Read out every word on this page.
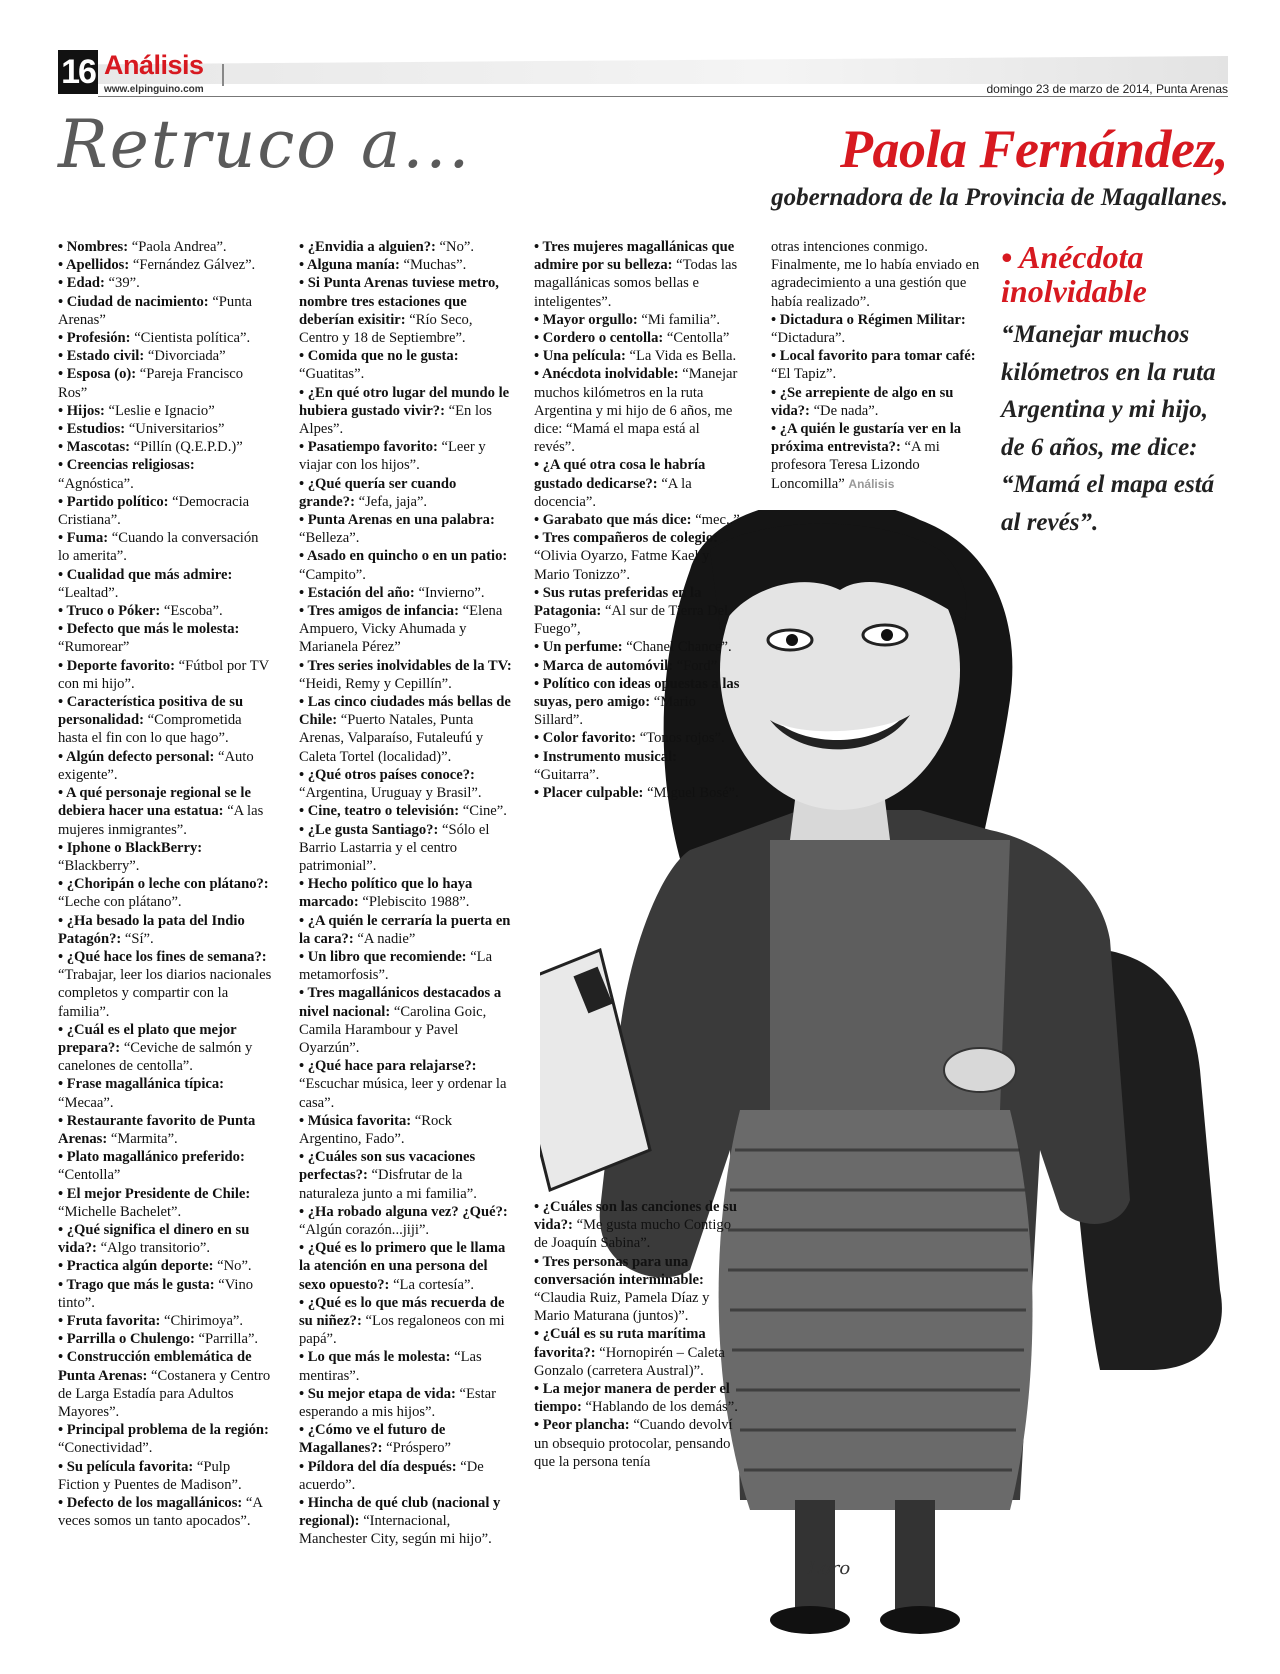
16 Análisis
www.elpinguino.com	domingo 23 de marzo de 2014, Punta Arenas
Retruco a...	Paola Fernández,
gobernadora de la Provincia de Magallanes.
Loro

• Nombres: “Paola Andrea”.

• Apellidos: “Fernández Gálvez”.

• Edad: “39”.

• Ciudad de nacimiento: “Punta Arenas”

• Profesión: “Cientista política”.

• Estado civil: “Divorciada”

• Esposa (o): “Pareja Francisco Ros”

• Hijos: “Leslie e Ignacio”

• Estudios: “Universitarios”

• Mascotas: “Pillín (Q.E.P.D.)”

• Creencias religiosas: “Agnóstica”.

• Partido político: “Democracia Cristiana”.

• Fuma: “Cuando la conversación lo amerita”.

• Cualidad que más admire: “Lealtad”.

• Truco o Póker: “Escoba”.

• Defecto que más le molesta: “Rumorear”

• Deporte favorito: “Fútbol por TV con mi hijo”.

• Característica positiva de su personalidad: “Comprometida hasta el fin con lo que hago”.

• Algún defecto personal: “Auto exigente”.

• A qué personaje regional se le debiera hacer una estatua: “A las mujeres inmigrantes”.

• Iphone o BlackBerry: “Blackberry”.

• ¿Choripán o leche con plátano?: “Leche con plátano”.

• ¿Ha besado la pata del Indio Patagón?: “Sí”.

• ¿Qué hace los fines de semana?: “Trabajar, leer los diarios nacionales completos y compartir con la familia”.

• ¿Cuál es el plato que mejor prepara?: “Ceviche de salmón y canelones de centolla”.

• Frase magallánica típica: “Mecaa”.

• Restaurante favorito de Punta Arenas: “Marmita”.

• Plato magallánico preferido: “Centolla”

• El mejor Presidente de Chile: “Michelle Bachelet”.

• ¿Qué significa el dinero en su vida?: “Algo transitorio”.

• Practica algún deporte: “No”.

• Trago que más le gusta: “Vino tinto”.

• Fruta favorita: “Chirimoya”.

• Parrilla o Chulengo: “Parrilla”.

• Construcción emblemática de Punta Arenas: “Costanera y Centro de Larga Estadía para Adultos Mayores”.

• Principal problema de la región: “Conectividad”.

• Su película favorita: “Pulp Fiction y Puentes de Madison”.

• Defecto de los magallánicos: “A veces somos un tanto apocados”.

• ¿Envidia a alguien?: “No”.

• Alguna manía: “Muchas”.

• Si Punta Arenas tuviese metro, nombre tres estaciones que deberían exisitir: “Río Seco, Centro y 18 de Septiembre”.

• Comida que no le gusta: “Guatitas”.

• ¿En qué otro lugar del mundo le hubiera gustado vivir?: “En los Alpes”.

• Pasatiempo favorito: “Leer y viajar con los hijos”.

• ¿Qué quería ser cuando grande?: “Jefa, jaja”.

• Punta Arenas en una palabra: “Belleza”.

• Asado en quincho o en un patio: “Campito”.

• Estación del año: “Invierno”.

• Tres amigos de infancia: “Elena Ampuero, Vicky Ahumada y Marianela Pérez”

• Tres series inolvidables de la TV: “Heidi, Remy y Cepillín”.

• Las cinco ciudades más bellas de Chile: “Puerto Natales, Punta Arenas, Valparaíso, Futaleufú y Caleta Tortel (localidad)”.

• ¿Qué otros países conoce?: “Argentina, Uruguay y Brasil”.

• Cine, teatro o televisión: “Cine”.

• ¿Le gusta Santiago?: “Sólo el Barrio Lastarria y el centro patrimonial”.

• Hecho político que lo haya marcado: “Plebiscito 1988”.

• ¿A quién le cerraría la puerta en la cara?: “A nadie”

• Un libro que recomiende: “La metamorfosis”.

• Tres magallánicos destacados a nivel nacional: “Carolina Goic, Camila Harambour y Pavel Oyarzún”.

• ¿Qué hace para relajarse?: “Escuchar música, leer y ordenar la casa”.

• Música favorita: “Rock Argentino, Fado”.

• ¿Cuáles son sus vacaciones perfectas?: “Disfrutar de la naturaleza junto a mi familia”.

• ¿Ha robado alguna vez? ¿Qué?: “Algún corazón...jiji”.

• ¿Qué es lo primero que le llama la atención en una persona del sexo opuesto?: “La cortesía”.

• ¿Qué es lo que más recuerda de su niñez?: “Los regaloneos con mi papá”.

• Lo que más le molesta: “Las mentiras”.

• Su mejor etapa de vida: “Estar esperando a mis hijos”.

• ¿Cómo ve el futuro de Magallanes?: “Próspero”

• Píldora del día después: “De acuerdo”.

• Hincha de qué club (nacional y regional): “Internacional, Manchester City, según mi hijo”.

• Tres mujeres magallánicas que admire por su belleza: “Todas las magallánicas somos bellas e inteligentes”.

• Mayor orgullo: “Mi familia”.

• Cordero o centolla: “Centolla”

• Una película: “La Vida es Bella.

• Anécdota inolvidable: “Manejar muchos kilómetros en la ruta Argentina y mi hijo de 6 años, me dice: “Mamá el mapa está al revés”.

• ¿A qué otra cosa le habría gustado dedicarse?: “A la docencia”.

• Garabato que más dice: “mec..”

• Tres compañeros de colegio: “Olivia Oyarzo, Fatme Kael y Mario Tonizzo”.

• Sus rutas preferidas en la Patagonia: “Al sur de Tierra Del Fuego”,

• Un perfume: “Chanel Chance”.

• Marca de automóvil: “Ford”

• Político con ideas opuestas a las suyas, pero amigo: “Mario Sillard”.

• Color favorito: “Tonos rojos”.

• Instrumento musical: “Guitarra”.

• Placer culpable: “Miguel Bosé”.

otras intenciones conmigo. Finalmente, me lo había enviado en agradecimiento a una gestión que había realizado”.

• Dictadura o Régimen Militar: “Dictadura”.

• Local favorito para tomar café: “El Tapiz”.

• ¿Se arrepiente de algo en su vida?: “De nada”.

• ¿A quién le gustaría ver en la próxima entrevista?: “A mi profesora Teresa Lizondo Loncomilla” Análisis

• ¿Cuáles son las canciones de su vida?: “Me gusta mucho Contigo de Joaquín Sabina”.

• Tres personas para una conversación interminable: “Claudia Ruiz, Pamela Díaz y Mario Maturana (juntos)”.

• ¿Cuál es su ruta marítima favorita?: “Hornopirén – Caleta Gonzalo (carretera Austral)”.

• La mejor manera de perder el tiempo: “Hablando de los demás”.

• Peor plancha: “Cuando devolví un obsequio protocolar, pensando que la persona tenía

• Anécdota inolvidable
“Manejar muchos kilómetros en la ruta Argentina y mi hijo, de 6 años, me dice: “Mamá el mapa está al revés”.
